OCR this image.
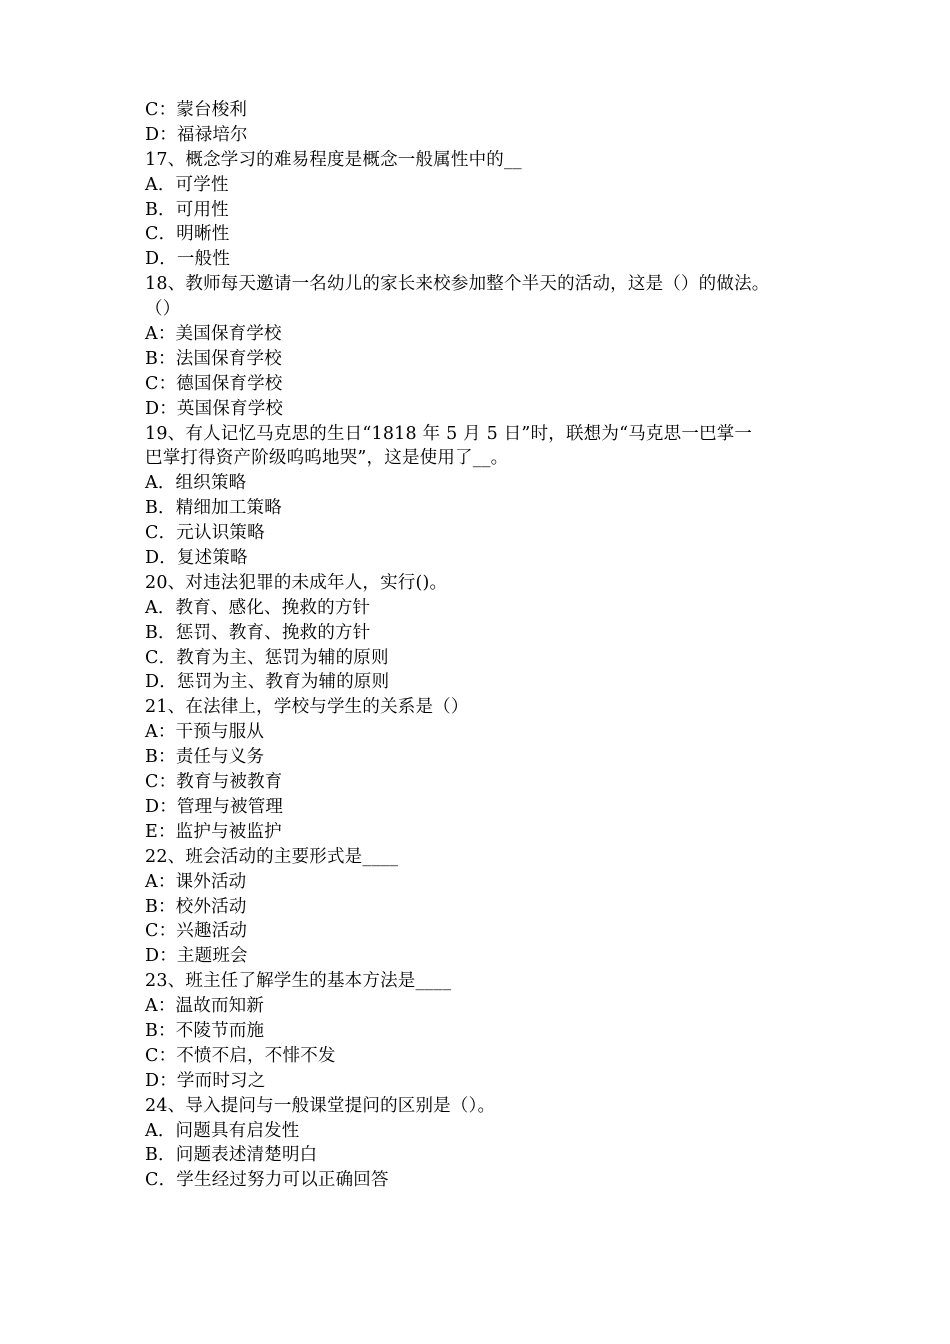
C：蒙台梭利
D：福禄培尔
17、概念学习的难易程度是概念一般属性中的__
A．可学性
B．可用性
C．明晰性
D．一般性
18、教师每天邀请一名幼儿的家长来校参加整个半天的活动，这是（）的做法。
（）
A：美国保育学校
B：法国保育学校
C：德国保育学校
D：英国保育学校
19、有人记忆马克思的生日“1818 年 5 月 5 日”时，联想为“马克思一巴掌一
巴掌打得资产阶级呜呜地哭”，这是使用了__。
A．组织策略
B．精细加工策略
C．元认识策略
D．复述策略
20、对违法犯罪的未成年人，实行()。
A．教育、感化、挽救的方针
B．惩罚、教育、挽救的方针
C．教育为主、惩罚为辅的原则
D．惩罚为主、教育为辅的原则
21、在法律上，学校与学生的关系是（）
A：干预与服从
B：责任与义务
C：教育与被教育
D：管理与被管理
E：监护与被监护
22、班会活动的主要形式是____
A：课外活动
B：校外活动
C：兴趣活动
D：主题班会
23、班主任了解学生的基本方法是____
A：温故而知新
B：不陵节而施
C：不愤不启，不悱不发
D：学而时习之
24、导入提问与一般课堂提问的区别是（）。
A．问题具有启发性
B．问题表述清楚明白
C．学生经过努力可以正确回答
